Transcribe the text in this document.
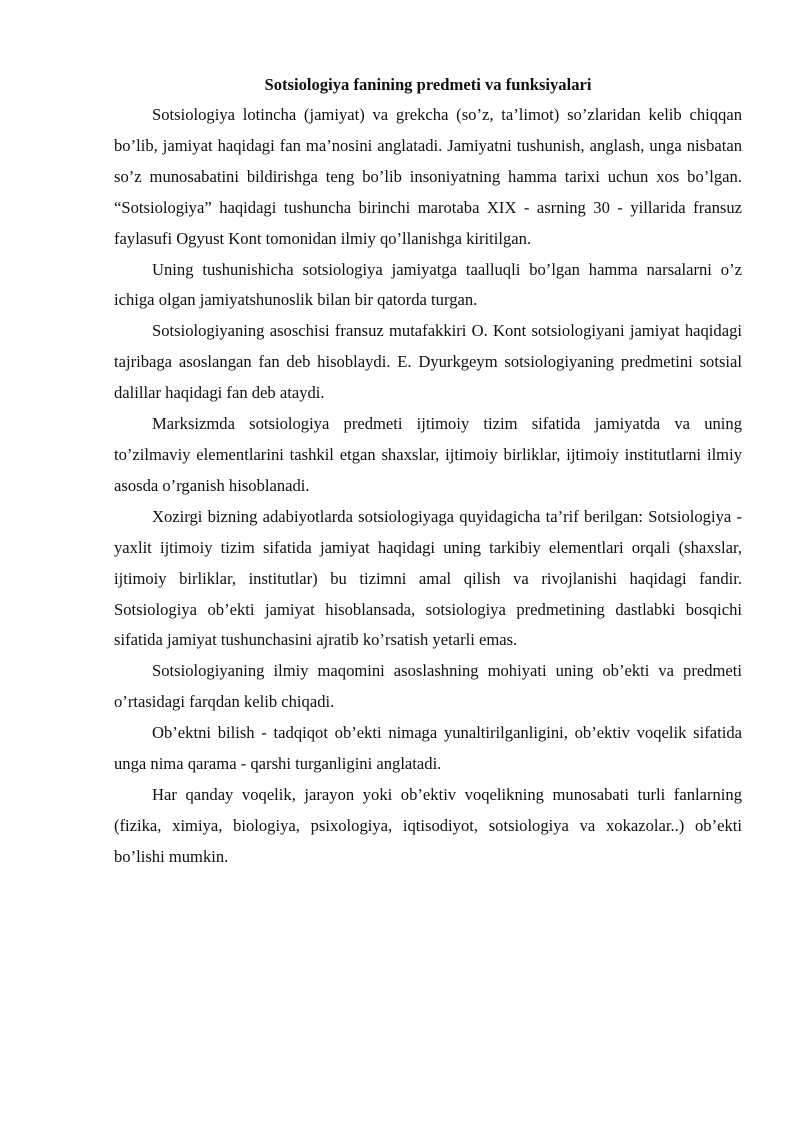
Sotsiologiya fanining predmeti va funksiyalari

Sotsiologiya lotincha (jamiyat) va grekcha (so’z, ta’limot) so’zlaridan kelib chiqqan bo’lib, jamiyat haqidagi fan ma’nosini anglatadi. Jamiyatni tushunish, anglash, unga nisbatan so’z munosabatini bildirishga teng bo’lib insoniyatning hamma tarixi uchun xos bo’lgan. “Sotsiologiya” haqidagi tushuncha birinchi marotaba XIX - asrning 30 - yillarida fransuz faylasufi Ogyust Kont tomonidan ilmiy qo’llanishga kiritilgan.

Uning tushunishicha sotsiologiya jamiyatga taalluqli bo’lgan hamma narsalarni o’z ichiga olgan jamiyatshunoslik bilan bir qatorda turgan.

Sotsiologiyaning asoschisi fransuz mutafakkiri O. Kont sotsiologiyani jamiyat haqidagi tajribaga asoslangan fan deb hisoblaydi. E. Dyurkgeym sotsiologiyaning predmetini sotsial dalillar haqidagi fan deb ataydi.

Marksizmda sotsiologiya predmeti ijtimoiy tizim sifatida jamiyatda va uning to’zilmaviy elementlarini tashkil etgan shaxslar, ijtimoiy birliklar, ijtimoiy institutlarni ilmiy asosda o’rganish hisoblanadi.

Xozirgi bizning adabiyotlarda sotsiologiyaga quyidagicha ta’rif berilgan: Sotsiologiya - yaxlit ijtimoiy tizim sifatida jamiyat haqidagi uning tarkibiy elementlari orqali (shaxslar, ijtimoiy birliklar, institutlar) bu tizimni amal qilish va rivojlanishi haqidagi fandir. Sotsiologiya ob’ekti jamiyat hisoblansada, sotsiologiya predmetining dastlabki bosqichi sifatida jamiyat tushunchasini ajratib ko’rsatish yetarli emas.

Sotsiologiyaning ilmiy maqomini asoslashning mohiyati uning ob’ekti va predmeti o’rtasidagi farqdan kelib chiqadi.

Ob’ektni bilish - tadqiqot ob’ekti nimaga yunaltirilganligini, ob’ektiv voqelik sifatida unga nima qarama - qarshi turganligini anglatadi.

Har qanday voqelik, jarayon yoki ob’ektiv voqelikning munosabati turli fanlarning (fizika, ximiya, biologiya, psixologiya, iqtisodiyot, sotsiologiya va xokazolar..) ob’ekti bo’lishi mumkin.
